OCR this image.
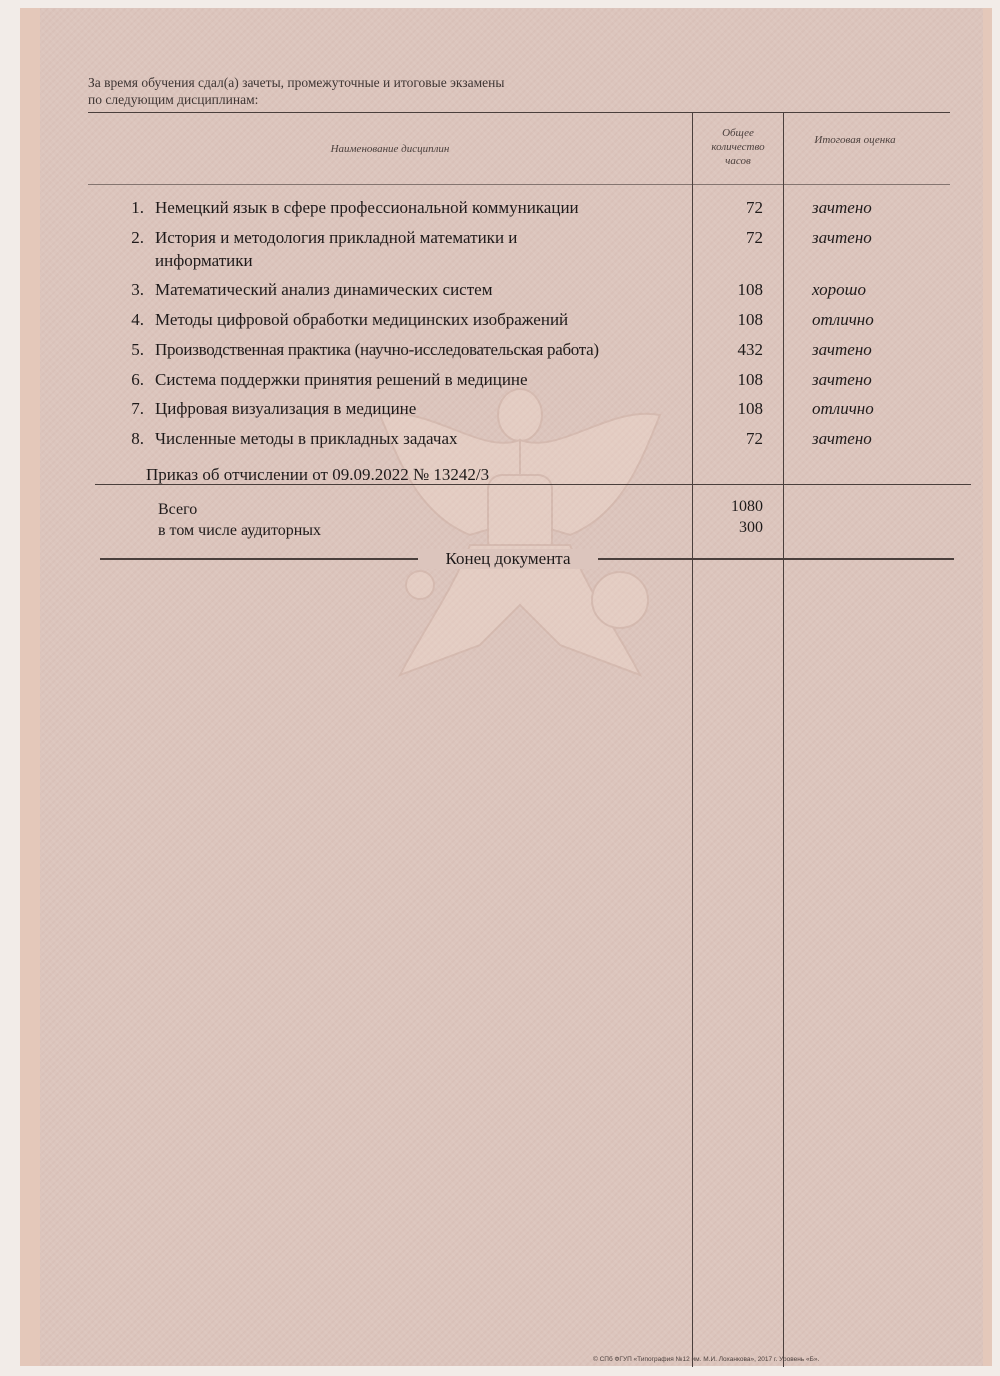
За время обучения сдал(а) зачеты, промежуточные и итоговые экзамены
по следующим дисциплинам:
Наименование дисциплин
Общее количество часов
Итоговая оценка
1. Немецкий язык в сфере профессиональной коммуникации	72	зачтено
2. История и методология прикладной математики и информатики
72	зачтено
3. Математический анализ динамических систем	108	хорошо
4. Методы цифровой обработки медицинских изображений	108	отлично
5. Производственная практика (научно-исследовательская работа)	432	зачтено
6. Система поддержки принятия решений в медицине	108	зачтено
7. Цифровая визуализация в медицине	108	отлично
8. Численные методы в прикладных задачах	72	зачтено
Приказ об отчислении от 09.09.2022 № 13242/3
Всего	1080
в том числе аудиторных	300
Конец документа
© СПб ФГУП «Типография №12 им. М.И. Лоханкова», 2017 г. Уровень «Б».
